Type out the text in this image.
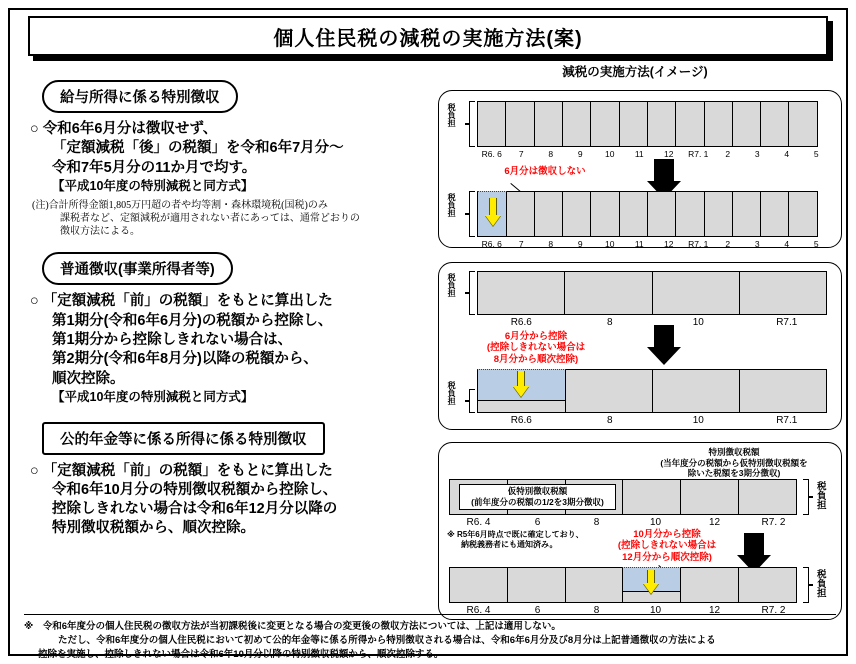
個人住民税の減税の実施方法(案)
減税の実施方法(イメージ)
給与所得に係る特別徴収
○ 令和6年6月分は徴収せず、
「定額減税「後」の税額」を令和6年7月分～
令和7年5月分の11か月で均す。
【平成10年度の特別減税と同方式】
(注)合計所得金額1,805万円超の者や均等割・森林環境税(国税)のみ
課税者など、定額減税が適用されない者にあっては、通常どおりの
徴収方法による。
普通徴収(事業所得者等)
○ 「定額減税「前」の税額」をもとに算出した
第1期分(令和6年6月分)の税額から控除し、
第1期分から控除しきれない場合は、
第2期分(令和6年8月分)以降の税額から、
順次控除。
【平成10年度の特別減税と同方式】
公的年金等に係る所得に係る特別徴収
○ 「定額減税「前」の税額」をもとに算出した
令和6年10月分の特別徴収税額から控除し、
控除しきれない場合は令和6年12月分以降の
特別徴収税額から、順次控除。
税負担
R6. 6	7	8	9	10	11	12	R7. 1	2	3	4	5
6月分は徴収しない
税負担
R6. 6	7	8	9	10	11	12	R7. 1	2	3	4	5
税負担
R6.6	8	10	R7.1
6月分から控除
(控除しきれない場合は
8月分から順次控除)
税負担
R6.6	8	10	R7.1
特別徴収税額
(当年度分の税額から仮特別徴収税額を
除いた税額を3期分徴収)
仮特別徴収税額
(前年度分の税額の1/2を3期分徴収)	税負担
R6. 4	6	8	10	12	R7. 2
※ R5年6月時点で既に確定しており、
納税義務者にも通知済み。
10月分から控除
(控除しきれない場合は
12月分から順次控除)
税負担
R6. 4	6	8	10	12	R7. 2
※　令和6年度分の個人住民税の徴収方法が当初課税後に変更となる場合の変更後の徴収方法については、上記は適用しない。
ただし、令和6年度分の個人住民税において初めて公的年金等に係る所得から特別徴収される場合は、令和6年6月分及び8月分は上記普通徴収の方法による
控除を実施し、控除しきれない場合は令和6年10月分以降の特別徴収税額から、順次控除する。
